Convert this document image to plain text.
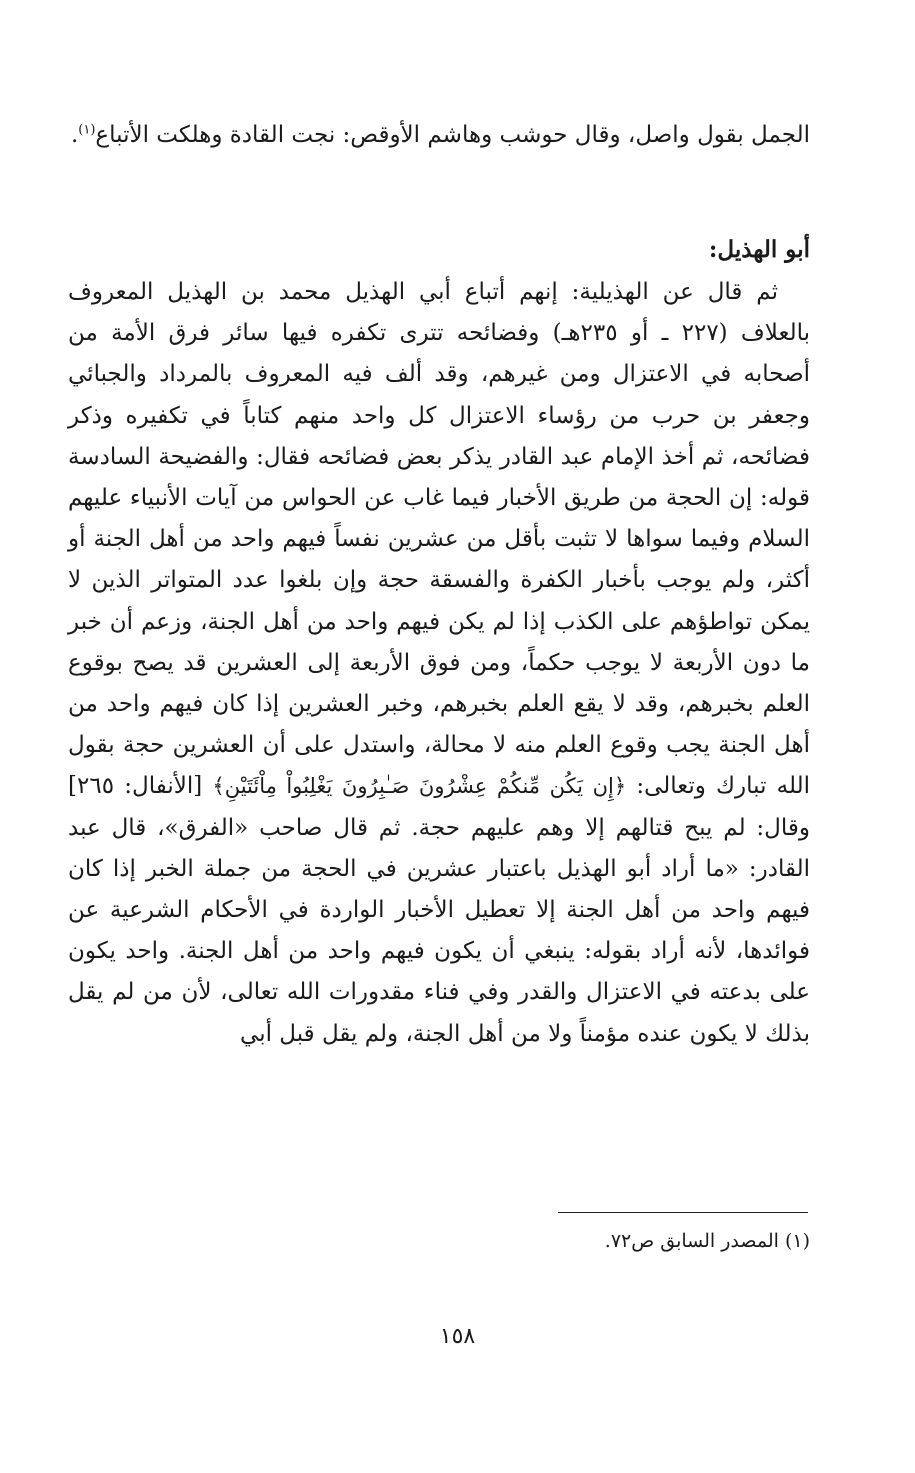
الجمل بقول واصل، وقال حوشب وهاشم الأوقص: نجت القادة وهلكت الأتباع$^{(١)}$.
أبو الهذيل:

ثم قال عن الهذيلية: إنهم أتباع أبي الهذيل محمد بن الهذيل المعروف بالعلاف (٢٢٧ ـ أو ٢٣٥هـ) وفضائحه تترى تكفره فيها سائر فرق الأمة من أصحابه في الاعتزال ومن غيرهم، وقد ألف فيه المعروف بالمرداد والجبائي وجعفر بن حرب من رؤساء الاعتزال كل واحد منهم كتاباً في تكفيره وذكر فضائحه، ثم أخذ الإمام عبد القادر يذكر بعض فضائحه فقال: والفضيحة السادسة قوله: إن الحجة من طريق الأخبار فيما غاب عن الحواس من آيات الأنبياء عليهم السلام وفيما سواها لا تثبت بأقل من عشرين نفساً فيهم واحد من أهل الجنة أو أكثر، ولم يوجب بأخبار الكفرة والفسقة حجة وإن بلغوا عدد المتواتر الذين لا يمكن تواطؤهم على الكذب إذا لم يكن فيهم واحد من أهل الجنة، وزعم أن خبر ما دون الأربعة لا يوجب حكماً، ومن فوق الأربعة إلى العشرين قد يصح بوقوع العلم بخبرهم، وقد لا يقع العلم بخبرهم، وخبر العشرين إذا كان فيهم واحد من أهل الجنة يجب وقوع العلم منه لا محالة، واستدل على أن العشرين حجة بقول الله تبارك وتعالى: ﴿إِن يَكُن مِّنكُمْ عِشْرُونَ صَـٰبِرُونَ يَغْلِبُواْ مِاْئَتَيْنِ﴾ [الأنفال: ٢٦٥] وقال: لم يبح قتالهم إلا وهم عليهم حجة. ثم قال صاحب «الفرق»، قال عبد القادر: «ما أراد أبو الهذيل باعتبار عشرين في الحجة من جملة الخبر إذا كان فيهم واحد من أهل الجنة إلا تعطيل الأخبار الواردة في الأحكام الشرعية عن فوائدها، لأنه أراد بقوله: ينبغي أن يكون فيهم واحد من أهل الجنة. واحد يكون على بدعته في الاعتزال والقدر وفي فناء مقدورات الله تعالى، لأن من لم يقل بذلك لا يكون عنده مؤمناً ولا من أهل الجنة، ولم يقل قبل أبي

(١) المصدر السابق ص٧٢.
١٥٨
